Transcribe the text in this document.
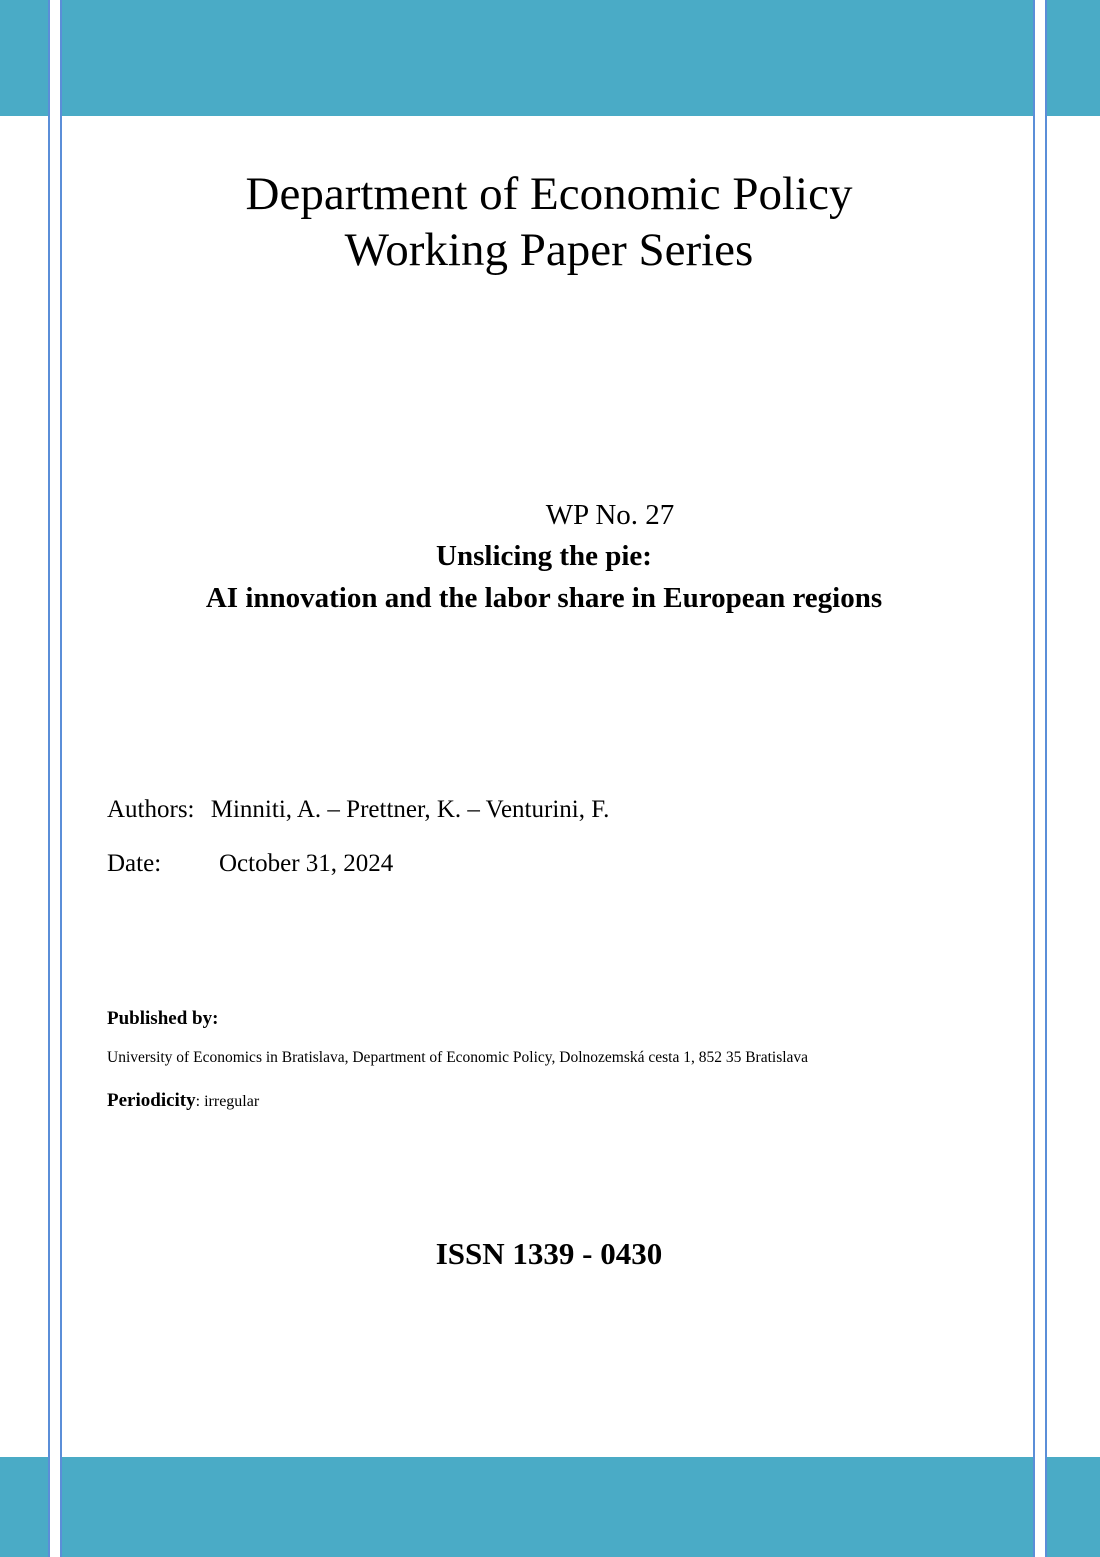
Department of Economic Policy
Working Paper Series
WP No. 27
Unslicing the pie:
AI innovation and the labor share in European regions
Authors: Minniti, A. – Prettner, K. – Venturini, F.
Date: October 31, 2024
Published by:
University of Economics in Bratislava, Department of Economic Policy, Dolnozemská cesta 1, 852 35 Bratislava
Periodicity: irregular
ISSN 1339 - 0430
